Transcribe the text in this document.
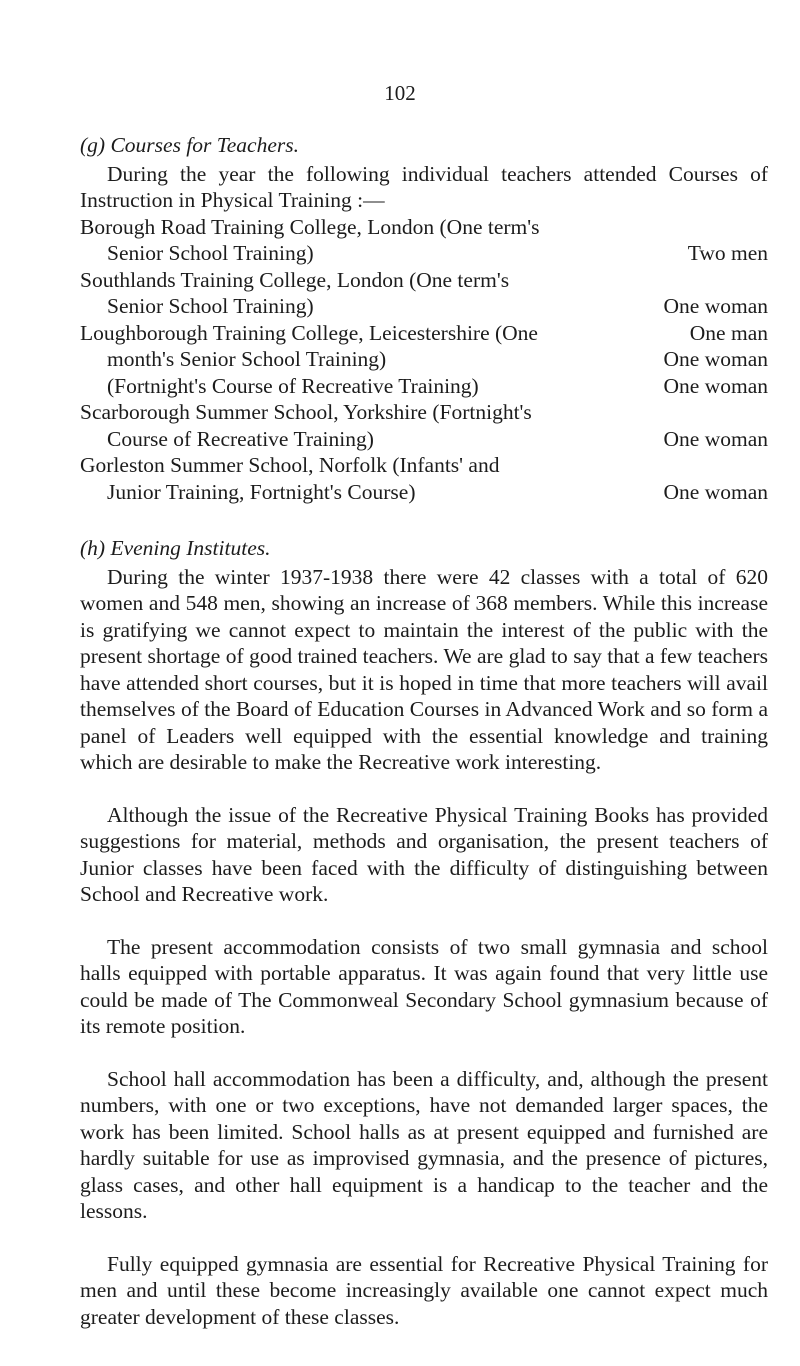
102
(g) Courses for Teachers.

During the year the following individual teachers attended Courses of Instruction in Physical Training :—

Borough Road Training College, London (One term's
Senior School Training)	Two men
Southlands Training College, London (One term's
Senior School Training)	One woman
Loughborough Training College, Leicestershire (One	One man
month's Senior School Training)	One woman
(Fortnight's Course of Recreative Training)	One woman
Scarborough Summer School, Yorkshire (Fortnight's
Course of Recreative Training)	One woman
Gorleston Summer School, Norfolk (Infants' and
Junior Training, Fortnight's Course)	One woman
(h) Evening Institutes.

During the winter 1937-1938 there were 42 classes with a total of 620 women and 548 men, showing an increase of 368 members. While this increase is gratifying we cannot expect to maintain the interest of the public with the present shortage of good trained teachers. We are glad to say that a few teachers have attended short courses, but it is hoped in time that more teachers will avail themselves of the Board of Education Courses in Advanced Work and so form a panel of Leaders well equipped with the essential knowledge and training which are desirable to make the Recreative work interesting.

Although the issue of the Recreative Physical Training Books has provided suggestions for material, methods and organisation, the present teachers of Junior classes have been faced with the difficulty of distinguishing between School and Recreative work.

The present accommodation consists of two small gymnasia and school halls equipped with portable apparatus. It was again found that very little use could be made of The Commonweal Secondary School gymnasium because of its remote position.

School hall accommodation has been a difficulty, and, although the present numbers, with one or two exceptions, have not demanded larger spaces, the work has been limited. School halls as at present equipped and furnished are hardly suitable for use as improvised gymnasia, and the presence of pictures, glass cases, and other hall equipment is a handicap to the teacher and the lessons.

Fully equipped gymnasia are essential for Recreative Physical Training for men and until these become increasingly available one cannot expect much greater development of these classes.
